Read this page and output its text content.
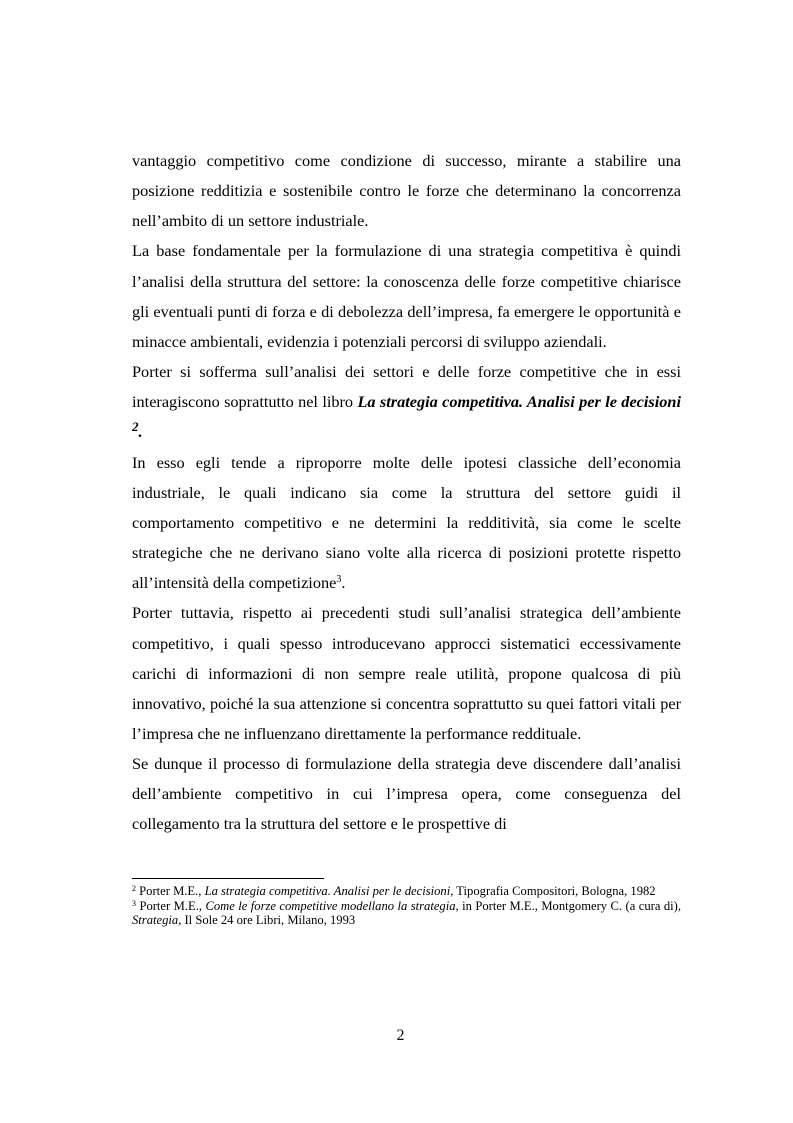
vantaggio competitivo come condizione di successo, mirante a stabilire una posizione redditizia e sostenibile contro le forze che determinano la concorrenza nell’ambito di un settore industriale.

La base fondamentale per la formulazione di una strategia competitiva è quindi l’analisi della struttura del settore: la conoscenza delle forze competitive chiarisce gli eventuali punti di forza e di debolezza dell’impresa, fa emergere le opportunità e minacce ambientali, evidenzia i potenziali percorsi di sviluppo aziendali.

Porter si sofferma sull’analisi dei settori e delle forze competitive che in essi interagiscono soprattutto nel libro La strategia competitiva. Analisi per le decisioni $^2$.

In esso egli tende a riproporre molte delle ipotesi classiche dell’economia industriale, le quali indicano sia come la struttura del settore guidi il comportamento competitivo e ne determini la redditività, sia come le scelte strategiche che ne derivano siano volte alla ricerca di posizioni protette rispetto all’intensità della competizione$^3$.

Porter tuttavia, rispetto ai precedenti studi sull’analisi strategica dell’ambiente competitivo, i quali spesso introducevano approcci sistematici eccessivamente carichi di informazioni di non sempre reale utilità, propone qualcosa di più innovativo, poiché la sua attenzione si concentra soprattutto su quei fattori vitali per l’impresa che ne influenzano direttamente la performance reddituale.

Se dunque il processo di formulazione della strategia deve discendere dall’analisi dell’ambiente competitivo in cui l’impresa opera, come conseguenza del collegamento tra la struttura del settore e le prospettive di

$^2$ Porter M.E., La strategia competitiva. Analisi per le decisioni, Tipografia Compositori, Bologna, 1982

$^3$ Porter M.E., Come le forze competitive modellano la strategia, in Porter M.E., Montgomery C. (a cura di), Strategia, Il Sole 24 ore Libri, Milano, 1993

2
